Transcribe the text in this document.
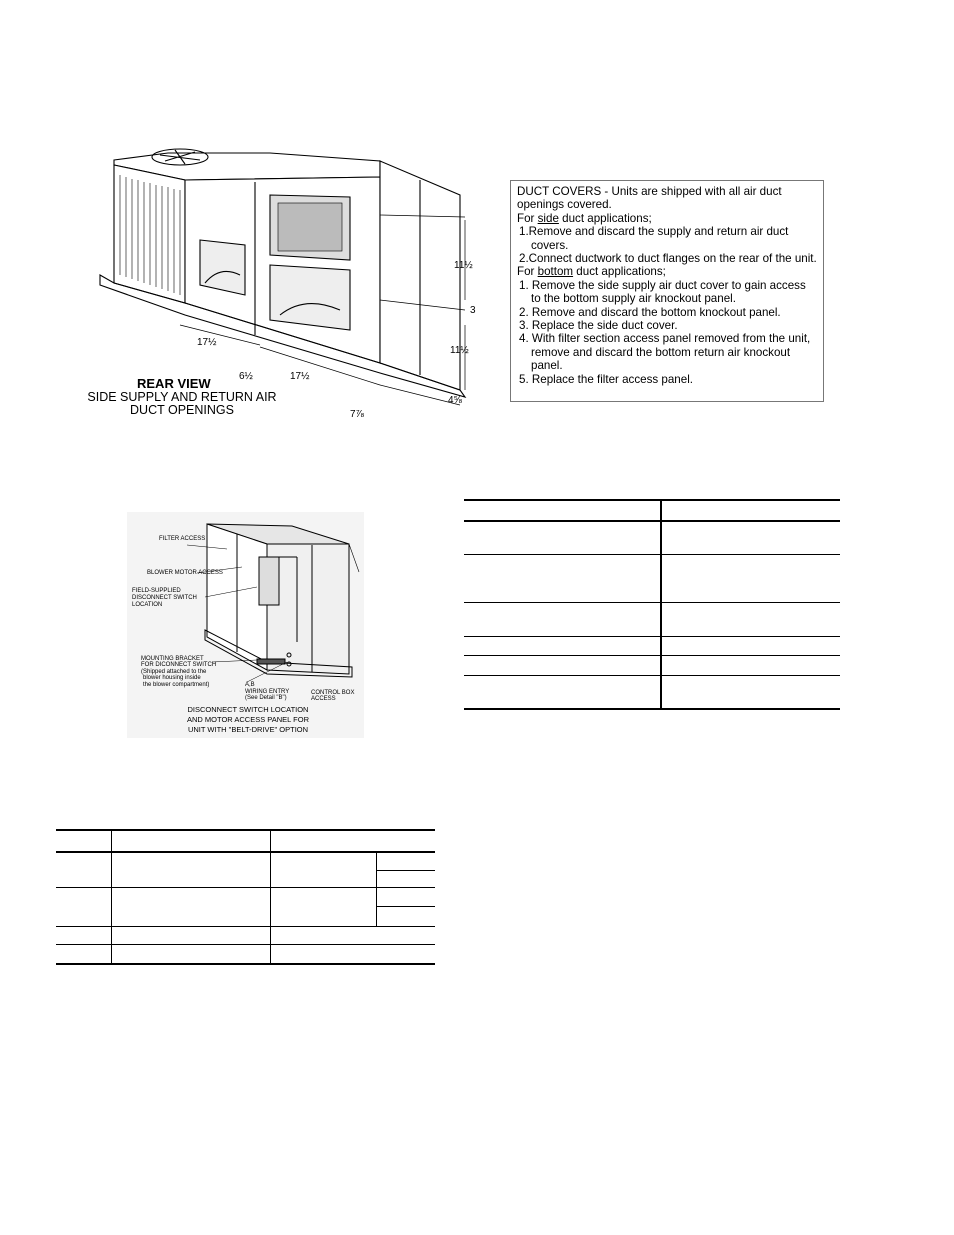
11½
3
11½
4⅝
17½
6½	17½
7⅞
REAR VIEW
SIDE SUPPLY AND RETURN AIR
DUCT OPENINGS

DUCT COVERS - Units are shipped with all air duct openings covered.

For side duct applications;

1.Remove and discard the supply and return air duct covers.

2.Connect ductwork to duct flanges on the rear of the unit.

For bottom duct applications;

1. Remove the side supply air duct cover to gain access to the bottom supply air knockout panel.

2. Remove and discard the bottom knockout panel.

3. Replace the side duct cover.

4. With filter section access panel removed from the unit, remove and discard the bottom return air knockout panel.

5. Replace the filter access panel.

FILTER ACCESS
BLOWER MOTOR ACCESS
FIELD-SUPPLIED
DISCONNECT SWITCH
LOCATION
MOUNTING BRACKET
FOR DICONNECT SWITCH
(Shipped attached to the
blower housing inside
the blower compartment)	A,B
WIRING ENTRY
(See Detail "B")
CONTROL BOX
ACCESS
DISCONNECT SWITCH LOCATION
AND MOTOR ACCESS PANEL FOR
UNIT WITH "BELT-DRIVE" OPTION
